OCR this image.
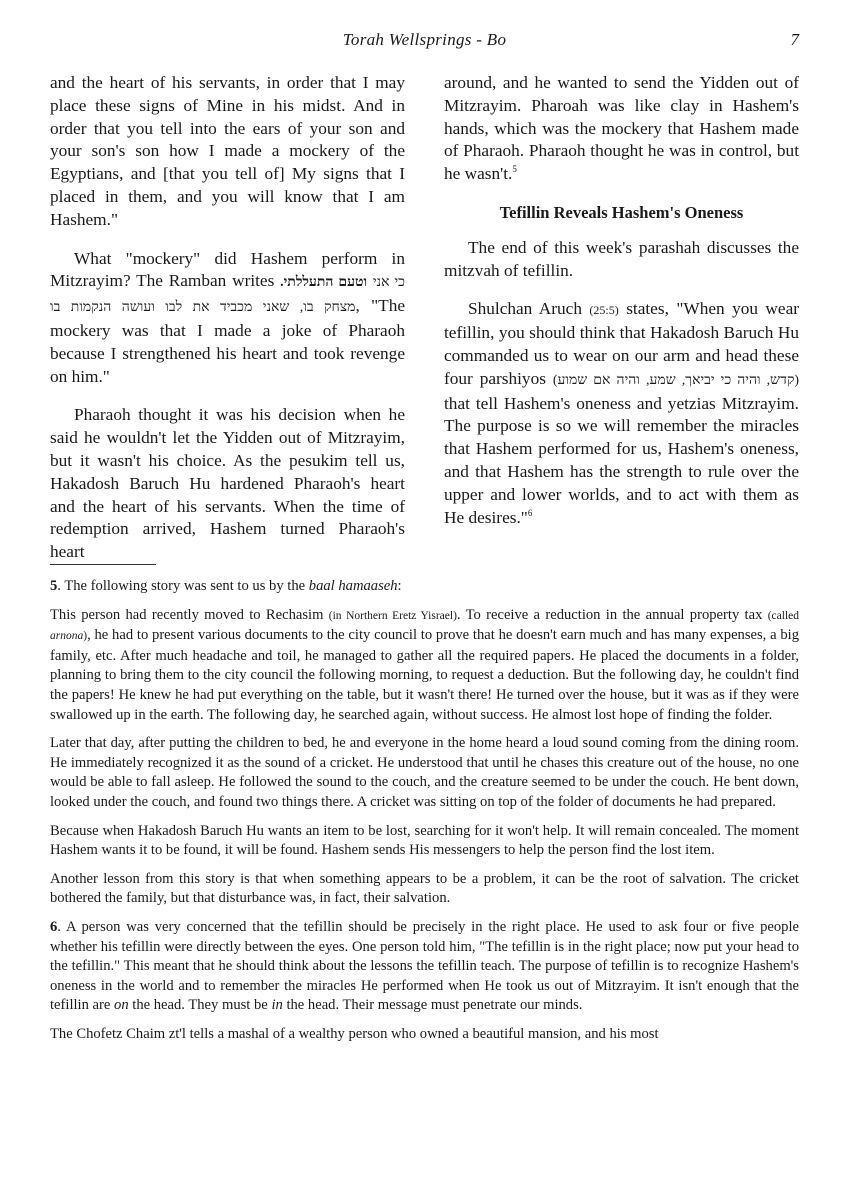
Torah Wellsprings - Bo	7

and the heart of his servants, in order that I may place these signs of Mine in his midst. And in order that you tell into the ears of your son and your son's son how I made a mockery of the Egyptians, and [that you tell of] My signs that I placed in them, and you will know that I am Hashem."

What "mockery" did Hashem perform in Mitzrayim? The Ramban writes וטעם התעללתי. כי אני מצחק בו, שאני מכביד את לבו ועושה הנקמות בו, "The mockery was that I made a joke of Pharaoh because I strengthened his heart and took revenge on him."

Pharaoh thought it was his decision when he said he wouldn't let the Yidden out of Mitzrayim, but it wasn't his choice. As the pesukim tell us, Hakadosh Baruch Hu hardened Pharaoh's heart and the heart of his servants. When the time of redemption arrived, Hashem turned Pharaoh's heart

around, and he wanted to send the Yidden out of Mitzrayim. Pharoah was like clay in Hashem's hands, which was the mockery that Hashem made of Pharaoh. Pharaoh thought he was in control, but he wasn't.$^5$

Tefillin Reveals Hashem's Oneness

The end of this week's parashah discusses the mitzvah of tefillin.

Shulchan Aruch (25:5) states, "When you wear tefillin, you should think that Hakadosh Baruch Hu commanded us to wear on our arm and head these four parshiyos (קדש, והיה כי יביאך, שמע, והיה אם שמוע) that tell Hashem's oneness and yetzias Mitzrayim. The purpose is so we will remember the miracles that Hashem performed for us, Hashem's oneness, and that Hashem has the strength to rule over the upper and lower worlds, and to act with them as He desires."$^6$

5. The following story was sent to us by the baal hamaaseh:

This person had recently moved to Rechasim (in Northern Eretz Yisrael). To receive a reduction in the annual property tax (called arnona), he had to present various documents to the city council to prove that he doesn't earn much and has many expenses, a big family, etc. After much headache and toil, he managed to gather all the required papers. He placed the documents in a folder, planning to bring them to the city council the following morning, to request a deduction. But the following day, he couldn't find the papers! He knew he had put everything on the table, but it wasn't there! He turned over the house, but it was as if they were swallowed up in the earth. The following day, he searched again, without success. He almost lost hope of finding the folder.

Later that day, after putting the children to bed, he and everyone in the home heard a loud sound coming from the dining room. He immediately recognized it as the sound of a cricket. He understood that until he chases this creature out of the house, no one would be able to fall asleep. He followed the sound to the couch, and the creature seemed to be under the couch. He bent down, looked under the couch, and found two things there. A cricket was sitting on top of the folder of documents he had prepared.

Because when Hakadosh Baruch Hu wants an item to be lost, searching for it won't help. It will remain concealed. The moment Hashem wants it to be found, it will be found. Hashem sends His messengers to help the person find the lost item.

Another lesson from this story is that when something appears to be a problem, it can be the root of salvation. The cricket bothered the family, but that disturbance was, in fact, their salvation.

6. A person was very concerned that the tefillin should be precisely in the right place. He used to ask four or five people whether his tefillin were directly between the eyes. One person told him, "The tefillin is in the right place; now put your head to the tefillin." This meant that he should think about the lessons the tefillin teach. The purpose of tefillin is to recognize Hashem's oneness in the world and to remember the miracles He performed when He took us out of Mitzrayim. It isn't enough that the tefillin are on the head. They must be in the head. Their message must penetrate our minds.

The Chofetz Chaim zt'l tells a mashal of a wealthy person who owned a beautiful mansion, and his most
